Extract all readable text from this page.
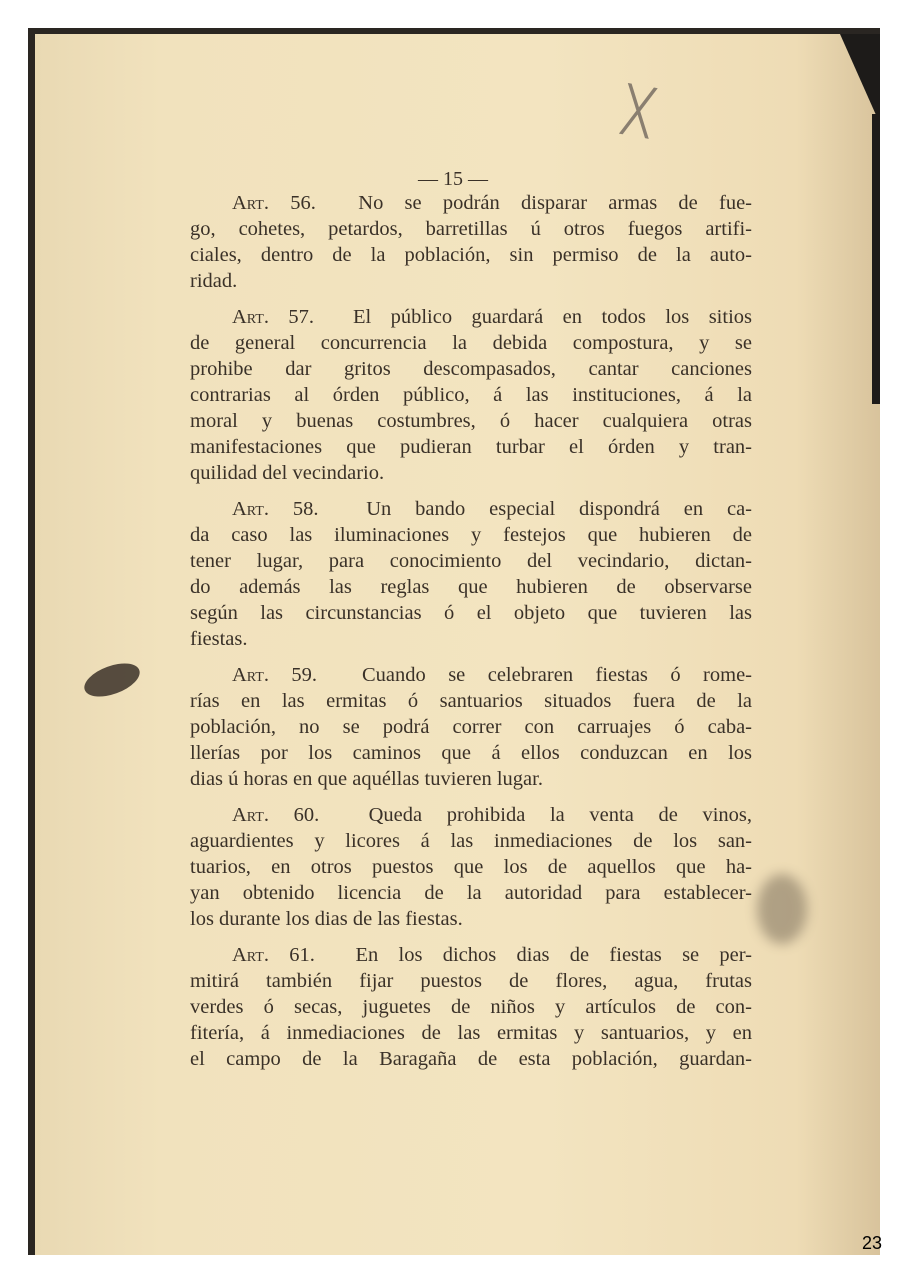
╳
— 15 —
Art. 56. No se podrán disparar armas de fue-
go, cohetes, petardos, barretillas ú otros fuegos artifi-
ciales, dentro de la población, sin permiso de la auto-
ridad.
Art. 57. El público guardará en todos los sitios
de general concurrencia la debida compostura, y se
prohibe dar gritos descompasados, cantar canciones
contrarias al órden público, á las instituciones, á la
moral y buenas costumbres, ó hacer cualquiera otras
manifestaciones que pudieran turbar el órden y tran-
quilidad del vecindario.
Art. 58. Un bando especial dispondrá en ca-
da caso las iluminaciones y festejos que hubieren de
tener lugar, para conocimiento del vecindario, dictan-
do además las reglas que hubieren de observarse
según las circunstancias ó el objeto que tuvieren las
fiestas.
Art. 59. Cuando se celebraren fiestas ó rome-
rías en las ermitas ó santuarios situados fuera de la
población, no se podrá correr con carruajes ó caba-
llerías por los caminos que á ellos conduzcan en los
dias ú horas en que aquéllas tuvieren lugar.
Art. 60. Queda prohibida la venta de vinos,
aguardientes y licores á las inmediaciones de los san-
tuarios, en otros puestos que los de aquellos que ha-
yan obtenido licencia de la autoridad para establecer-
los durante los dias de las fiestas.
Art. 61. En los dichos dias de fiestas se per-
mitirá también fijar puestos de flores, agua, frutas
verdes ó secas, juguetes de niños y artículos de con-
fitería, á inmediaciones de las ermitas y santuarios, y en
el campo de la Baragaña de esta población, guardan-
23
